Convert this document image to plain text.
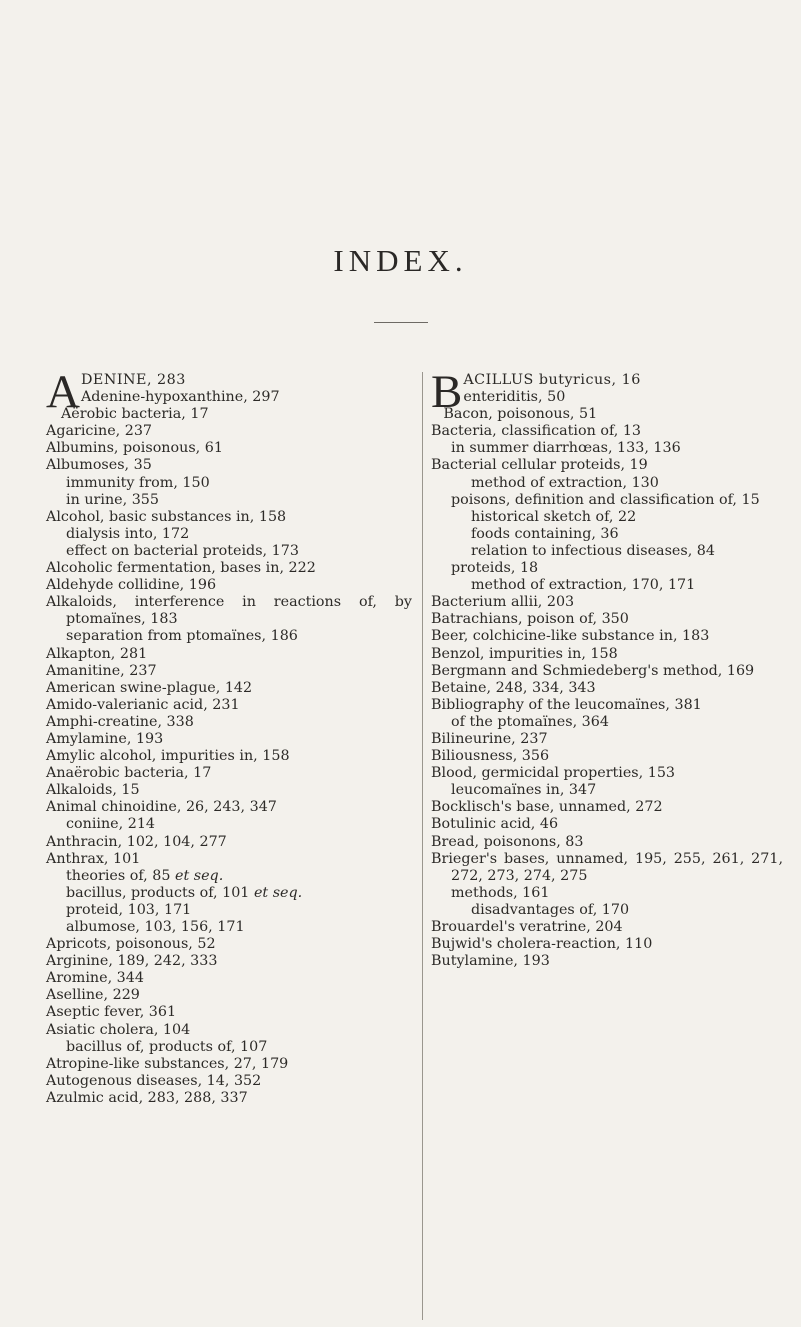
INDEX.

ADENINE, 283

Adenine-hypoxanthine, 297

Aërobic bacteria, 17

Agaricine, 237

Albumins, poisonous, 61

Albumoses, 35

immunity from, 150

in urine, 355

Alcohol, basic substances in, 158

dialysis into, 172

effect on bacterial proteids, 173

Alcoholic fermentation, bases in, 222

Aldehyde collidine, 196

Alkaloids, interference in reactions of, by ptomaïnes, 183

separation from ptomaïnes, 186

Alkapton, 281

Amanitine, 237

American swine-plague, 142

Amido-valerianic acid, 231

Amphi-creatine, 338

Amylamine, 193

Amylic alcohol, impurities in, 158

Anaërobic bacteria, 17

Alkaloids, 15

Animal chinoidine, 26, 243, 347

coniine, 214

Anthracin, 102, 104, 277

Anthrax, 101

theories of, 85 et seq.

bacillus, products of, 101 et seq.

proteid, 103, 171

albumose, 103, 156, 171

Apricots, poisonous, 52

Arginine, 189, 242, 333

Aromine, 344

Aselline, 229

Aseptic fever, 361

Asiatic cholera, 104

bacillus of, products of, 107

Atropine-like substances, 27, 179

Autogenous diseases, 14, 352

Azulmic acid, 283, 288, 337

BACILLUS butyricus, 16

enteriditis, 50

Bacon, poisonous, 51

Bacteria, classification of, 13

in summer diarrhœas, 133, 136

Bacterial cellular proteids, 19

method of extraction, 130

poisons, definition and classification of, 15

historical sketch of, 22

foods containing, 36

relation to infectious diseases, 84

proteids, 18

method of extraction, 170, 171

Bacterium allii, 203

Batrachians, poison of, 350

Beer, colchicine-like substance in, 183

Benzol, impurities in, 158

Bergmann and Schmiedeberg's method, 169

Betaine, 248, 334, 343

Bibliography of the leucomaïnes, 381

of the ptomaïnes, 364

Bilineurine, 237

Biliousness, 356

Blood, germicidal properties, 153

leucomaïnes in, 347

Bocklisch's base, unnamed, 272

Botulinic acid, 46

Bread, poisonons, 83

Brieger's bases, unnamed, 195, 255, 261, 271, 272, 273, 274, 275

methods, 161

disadvantages of, 170

Brouardel's veratrine, 204

Bujwid's cholera-reaction, 110

Butylamine, 193
